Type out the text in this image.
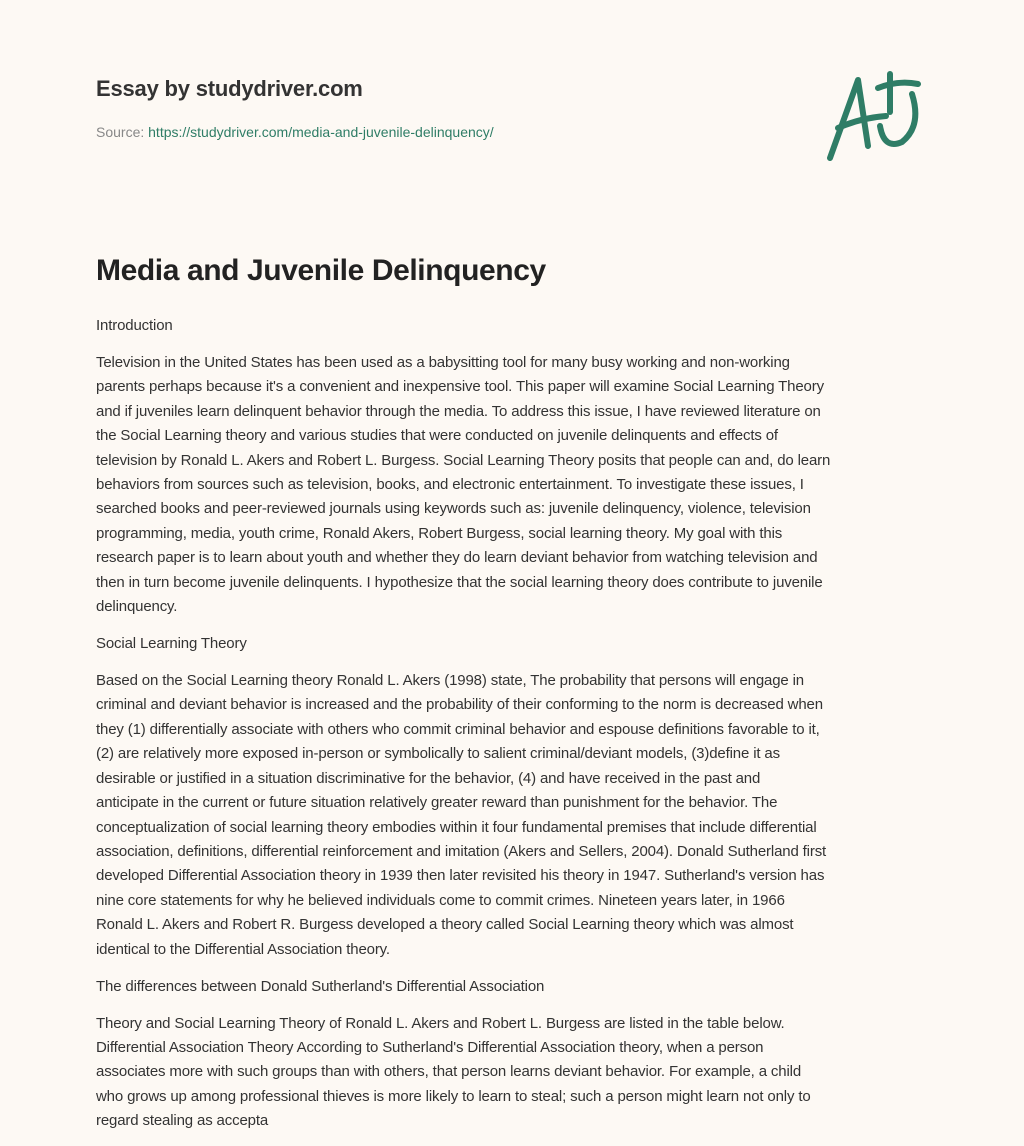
Essay by studydriver.com
Source: https://studydriver.com/media-and-juvenile-delinquency/
Media and Juvenile Delinquency

Introduction

Television in the United States has been used as a babysitting tool for many busy working and non-working
parents perhaps because it's a convenient and inexpensive tool. This paper will examine Social Learning Theory
and if juveniles learn delinquent behavior through the media. To address this issue, I have reviewed literature on
the Social Learning theory and various studies that were conducted on juvenile delinquents and effects of
television by Ronald L. Akers and Robert L. Burgess. Social Learning Theory posits that people can and, do learn
behaviors from sources such as television, books, and electronic entertainment. To investigate these issues, I
searched books and peer-reviewed journals using keywords such as: juvenile delinquency, violence, television
programming, media, youth crime, Ronald Akers, Robert Burgess, social learning theory. My goal with this
research paper is to learn about youth and whether they do learn deviant behavior from watching television and
then in turn become juvenile delinquents. I hypothesize that the social learning theory does contribute to juvenile
delinquency.

Social Learning Theory

Based on the Social Learning theory Ronald L. Akers (1998) state, The probability that persons will engage in
criminal and deviant behavior is increased and the probability of their conforming to the norm is decreased when
they (1) differentially associate with others who commit criminal behavior and espouse definitions favorable to it,
(2) are relatively more exposed in-person or symbolically to salient criminal/deviant models, (3)define it as
desirable or justified in a situation discriminative for the behavior, (4) and have received in the past and
anticipate in the current or future situation relatively greater reward than punishment for the behavior. The
conceptualization of social learning theory embodies within it four fundamental premises that include differential
association, definitions, differential reinforcement and imitation (Akers and Sellers, 2004). Donald Sutherland first
developed Differential Association theory in 1939 then later revisited his theory in 1947. Sutherland's version has
nine core statements for why he believed individuals come to commit crimes. Nineteen years later, in 1966
Ronald L. Akers and Robert R. Burgess developed a theory called Social Learning theory which was almost
identical to the Differential Association theory.

The differences between Donald Sutherland's Differential Association

Theory and Social Learning Theory of Ronald L. Akers and Robert L. Burgess are listed in the table below.
Differential Association Theory According to Sutherland's Differential Association theory, when a person
associates more with such groups than with others, that person learns deviant behavior. For example, a child
who grows up among professional thieves is more likely to learn to steal; such a person might learn not only to
regard stealing as accepta
